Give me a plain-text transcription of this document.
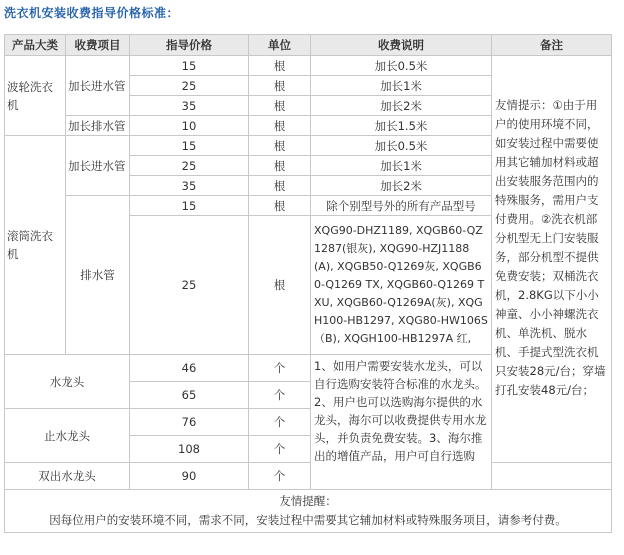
洗衣机安装收费指导价格标准：
产品大类	收费项目	指导价格	单位	收费说明	备注
波轮洗衣机	加长进水管	15	根	加长0.5米	友情提示：①由于用户的使用环境不同，如安装过程中需要使用其它辅加材料或超出安装服务范围内的特殊服务，需用户支付费用。②洗衣机部分机型无上门安装服务，部分机型不提供免费安装；双桶洗衣机，2.8KG以下小小神童、小小神螺洗衣机、单洗机、脱水机、手提式型洗衣机只安装28元/台；穿墙打孔安装48元/台；
		25	根	加长1米	
		35	根	加长2米	
	加长排水管	10	根	加长1.5米	
滚筒洗衣机	加长进水管	15	根	加长0.5米	
		25	根	加长1米	
		35	根	加长2米	
	排水管	15	根	除个别型号外的所有产品型号	
		25	根	XQG90-DHZ1189, XQGB60-QZ1287(银灰), XQG90-HZJ1188(A), XQGB50-Q1269灰, XQGB60-Q1269 TX, XQGB60-Q1269 TXU, XQGB60-Q1269A(灰), XQGH100-HB1297, XQG80-HW106S（B), XQGH100-HB1297A 红,	
水龙头		46	个	1、如用户需要安装水龙头，可以自行选购安装符合标准的水龙头。2、用户也可以选购海尔提供的水龙头，海尔可以收费提供专用水龙头，并负责免费安装。3、海尔推出的增值产品，用户可自行选购	
		65	个		
止水龙头		76	个		
		108	个		
双出水龙头		90	个		

友情提醒：
因每位用户的安装环境不同，需求不同，安装过程中需要其它辅加材料或特殊服务项目，请参考付费。					
